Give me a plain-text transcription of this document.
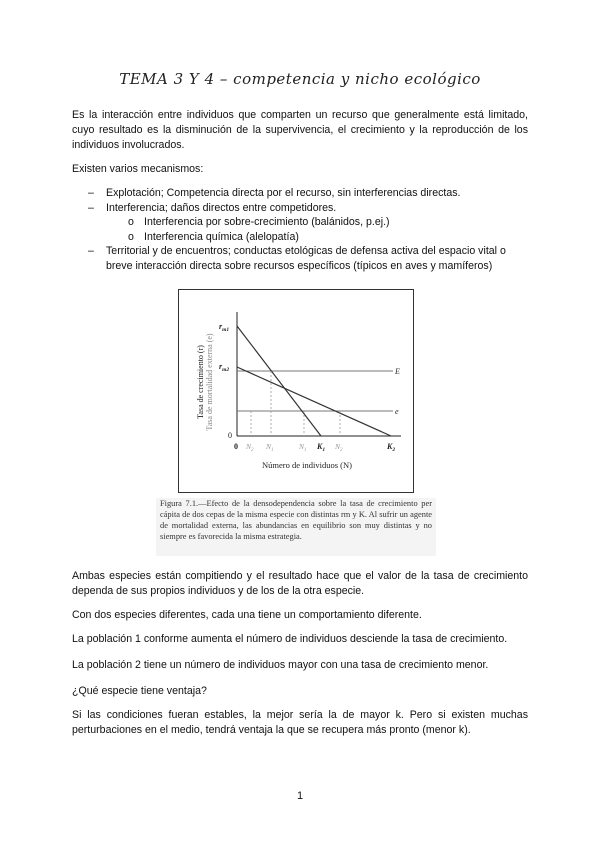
TEMA 3 Y 4 – competencia y nicho ecológico
Es la interacción entre individuos que comparten un recurso que generalmente está limitado, cuyo resultado es la disminución de la supervivencia, el crecimiento y la reproducción de los individuos involucrados.
Existen varios mecanismos:
– Explotación; Competencia directa por el recurso, sin interferencias directas.
– Interferencia; daños directos entre competidores.
o Interferencia por sobre-crecimiento (balánidos, p.ej.)
o Interferencia química (alelopatía)
– Territorial y de encuentros; conductas etológicas de defensa activa del espacio vital o breve interacción directa sobre recursos específicos (típicos en aves y mamíferos)
Tasa de crecimiento (r) Tasa de mortalidad externa (e)
$r_{m1}$
$r_{m2}$
0
E
e
0 $N_2$ $N_1$	$N_1$ $K_1$ $N_2$	$K_2$
Número de individuos (N)
Figura 7.1.—Efecto de la densodependencia sobre la tasa de crecimiento per cápita de dos cepas de la misma especie con distintas rm y K. Al sufrir un agente de mortalidad externa, las abundancias en equilibrio son muy distintas y no siempre es favorecida la misma estrategia.
Ambas especies están compitiendo y el resultado hace que el valor de la tasa de crecimiento dependa de sus propios individuos y de los de la otra especie.
Con dos especies diferentes, cada una tiene un comportamiento diferente.
La población 1 conforme aumenta el número de individuos desciende la tasa de crecimiento.
La población 2 tiene un número de individuos mayor con una tasa de crecimiento menor.
¿Qué especie tiene ventaja?
Si las condiciones fueran estables, la mejor sería la de mayor k. Pero si existen muchas perturbaciones en el medio, tendrá ventaja la que se recupera más pronto (menor k).
1
